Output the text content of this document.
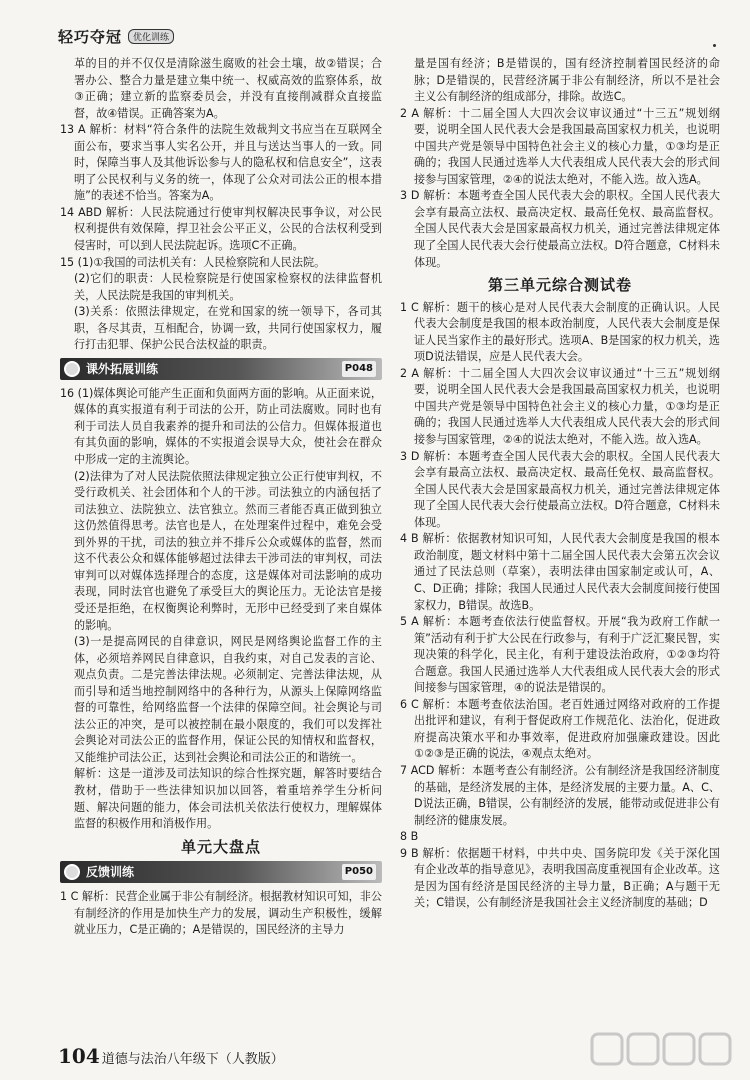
轻巧夺冠	优化训练

革的目的并不仅仅是清除滋生腐败的社会土壤，故②错误；合署办公、整合力量是建立集中统一、权威高效的监察体系，故③正确；建立新的监察委员会，并没有直接削减群众直接监督，故④错误。正确答案为A。

13 A 解析：材料“符合条件的法院生效裁判文书应当在互联网全面公布，要求当事人实名公开，并且与送达当事人的一致。同时，保障当事人及其他诉讼参与人的隐私权和信息安全”，这表明了公民权利与义务的统一，体现了公众对司法公正的根本措施”的表述不恰当。答案为A。

14 ABD 解析：人民法院通过行使审判权解决民事争议，对公民权利提供有效保障，捍卫社会公平正义，公民的合法权利受到侵害时，可以到人民法院起诉。选项C不正确。

15 (1)①我国的司法机关有：人民检察院和人民法院。

(2)它们的职责：人民检察院是行使国家检察权的法律监督机关，人民法院是我国的审判机关。

(3)关系：依照法律规定，在党和国家的统一领导下，各司其职，各尽其责，互相配合，协调一致，共同行使国家权力，履行打击犯罪、保护公民合法权益的职责。

课外拓展训练	P048

16 (1)媒体舆论可能产生正面和负面两方面的影响。从正面来说，媒体的真实报道有利于司法的公开，防止司法腐败。同时也有利于司法人员自我素养的提升和司法的公信力。但媒体报道也有其负面的影响，媒体的不实报道会误导大众，使社会在群众中形成一定的主流舆论。

(2)法律为了对人民法院依照法律规定独立公正行使审判权，不受行政机关、社会团体和个人的干涉。司法独立的内涵包括了司法独立、法院独立、法官独立。然而三者能否真正做到独立这仍然值得思考。法官也是人，在处理案件过程中，难免会受到外界的干扰，司法的独立并不排斥公众或媒体的监督，然而这不代表公众和媒体能够超过法律去干涉司法的审判权，司法审判可以对媒体选择理合的态度，这是媒体对司法影响的成功表现，同时法官也避免了承受巨大的舆论压力。无论法官是接受还是拒绝，在权衡舆论利弊时，无形中已经受到了来自媒体的影响。

(3)一是提高网民的自律意识，网民是网络舆论监督工作的主体，必须培养网民自律意识，自我约束，对自己发表的言论、观点负责。二是完善法律法规。必须制定、完善法律法规，从而引导和适当地控制网络中的各种行为，从源头上保障网络监督的可靠性，给网络监督一个法律的保障空间。社会舆论与司法公正的冲突，是可以被控制在最小限度的，我们可以发挥社会舆论对司法公正的监督作用，保证公民的知情权和监督权，又能维护司法公正，达到社会舆论和司法公正的和谐统一。

解析：这是一道涉及司法知识的综合性探究题，解答时要结合教材，借助于一些法律知识加以回答，着重培养学生分析问题、解决问题的能力，体会司法机关依法行使权力，理解媒体监督的积极作用和消极作用。

单元大盘点
反馈训练	P050

1 C 解析：民营企业属于非公有制经济。根据教材知识可知，非公有制经济的作用是加快生产力的发展，调动生产积极性，缓解就业压力，C是正确的；A是错误的，国民经济的主导力

量是国有经济；B是错误的，国有经济控制着国民经济的命脉；D是错误的，民营经济属于非公有制经济，所以不是社会主义公有制经济的组成部分，排除。故选C。

2 A 解析：十二届全国人大四次会议审议通过“十三五”规划纲要，说明全国人民代表大会是我国最高国家权力机关，也说明中国共产党是领导中国特色社会主义的核心力量，①③均是正确的；我国人民通过选举人大代表组成人民代表大会的形式间接参与国家管理，②④的说法太绝对，不能入选。故入选A。

3 D 解析：本题考查全国人民代表大会的职权。全国人民代表大会享有最高立法权、最高决定权、最高任免权、最高监督权。全国人民代表大会是国家最高权力机关，通过完善法律规定体现了全国人民代表大会行使最高立法权。D符合题意，C材料未体现。

第三单元综合测试卷

1 C 解析：题干的核心是对人民代表大会制度的正确认识。人民代表大会制度是我国的根本政治制度，人民代表大会制度是保证人民当家作主的最好形式。选项A、B是国家的权力机关，选项D说法错误，应是人民代表大会。

2 A 解析：十二届全国人大四次会议审议通过“十三五”规划纲要，说明全国人民代表大会是我国最高国家权力机关，也说明中国共产党是领导中国特色社会主义的核心力量，①③均是正确的；我国人民通过选举人大代表组成人民代表大会的形式间接参与国家管理，②④的说法太绝对，不能入选。故入选A。

3 D 解析：本题考查全国人民代表大会的职权。全国人民代表大会享有最高立法权、最高决定权、最高任免权、最高监督权。全国人民代表大会是国家最高权力机关，通过完善法律规定体现了全国人民代表大会行使最高立法权。D符合题意，C材料未体现。

4 B 解析：依据教材知识可知，人民代表大会制度是我国的根本政治制度，题文材料中第十二届全国人民代表大会第五次会议通过了民法总则（草案），表明法律由国家制定或认可，A、C、D正确；排除；我国人民通过人民代表大会制度间接行使国家权力，B错误。故选B。

5 A 解析：本题考查依法行使监督权。开展“我为政府工作献一策”活动有利于扩大公民在行政参与，有利于广泛汇聚民智，实现决策的科学化，民主化，有利于建设法治政府，①②③均符合题意。我国人民通过选举人大代表组成人民代表大会的形式间接参与国家管理，④的说法是错误的。

6 C 解析：本题考查依法治国。老百姓通过网络对政府的工作提出批评和建议，有利于督促政府工作规范化、法治化，促进政府提高决策水平和办事效率，促进政府加强廉政建设。因此①②③是正确的说法，④观点太绝对。

7 ACD 解析：本题考查公有制经济。公有制经济是我国经济制度的基础，是经济发展的主体，是经济发展的主要力量。A、C、D说法正确，B错误，公有制经济的发展，能带动或促进非公有制经济的健康发展。

8 B

9 B 解析：依据题干材料，中共中央、国务院印发《关于深化国有企业改革的指导意见》，表明我国高度重视国有企业改革。这是因为国有经济是国民经济的主导力量，B正确；A与题干无关；C错误，公有制经济是我国社会主义经济制度的基础；D

104 道德与法治八年级下（人教版）
